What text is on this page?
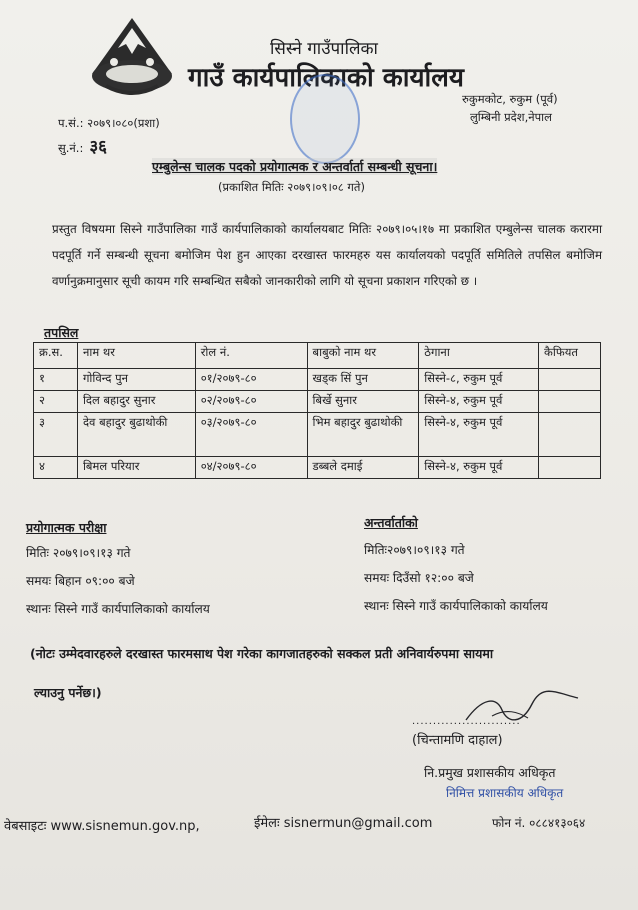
सिस्ने गाउँपालिका
गाउँ कार्यपालिकाको कार्यालय
रुकुमकोट, रुकुम (पूर्व)
लुम्बिनी प्रदेश,नेपाल
प.सं.: २०७९।०८०(प्रशा)
सु.नं.: ३६
एम्बुलेन्स चालक पदको प्रयोगात्मक र अन्तर्वार्ता सम्बन्धी सूचना।
(प्रकाशित मितिः २०७९।०९।०८ गते)
प्रस्तुत विषयमा सिस्ने गाउँपालिका गाउँ कार्यपालिकाको कार्यालयबाट मितिः २०७९।०५।१७ मा प्रकाशित एम्बुलेन्स चालक करारमा पदपूर्ति गर्ने सम्बन्धी सूचना बमोजिम पेश हुन आएका दरखास्त फारमहरु यस कार्यालयको पदपूर्ति समितिले तपसिल बमोजिम वर्णानुक्रमानुसार सूची कायम गरि सम्बन्धित सबैको जानकारीको लागि यो सूचना प्रकाशन गरिएको छ ।
तपसिल
क्र.स.	नाम थर	रोल नं.	बाबुको नाम थर	ठेगाना	कैफियत
१	गोविन्द पुन	०१/२०७९-८०	खड्क सिं पुन	सिस्ने-८, रुकुम पूर्व	
२	दिल बहादुर सुनार	०२/२०७९-८०	बिर्खे सुनार	सिस्ने-४, रुकुम पूर्व	
३	देव बहादुर बुढाथोकी	०३/२०७९-८०	भिम बहादुर बुढाथोकी	सिस्ने-४, रुकुम पूर्व	
४	बिमल परियार	०४/२०७९-८०	डब्बले दमाई	सिस्ने-४, रुकुम पूर्व	
प्रयोगात्मक परीक्षा
मितिः २०७९।०९।१३ गते
समयः बिहान ०९:०० बजे
स्थानः सिस्ने गाउँ कार्यपालिकाको कार्यालय
अन्तर्वार्ताको
मितिः२०७९।०९।१३ गते
समयः दिउँसो १२:०० बजे
स्थानः सिस्ने गाउँ कार्यपालिकाको कार्यालय
(नोटः उम्मेदवारहरुले दरखास्त फारमसाथ पेश गरेका कागजातहरुको सक्कल प्रती अनिवार्यरुपमा सायमा
ल्याउनु पर्नेछ।)
..........................
(चिन्तामणि दाहाल)
नि.प्रमुख प्रशासकीय अधिकृत
निमित्त प्रशासकीय अधिकृत
वेबसाइटः www.sisnemun.gov.np,	ईमेलः sisnermun@gmail.com	फोन नं. ०८८४१३०६४
